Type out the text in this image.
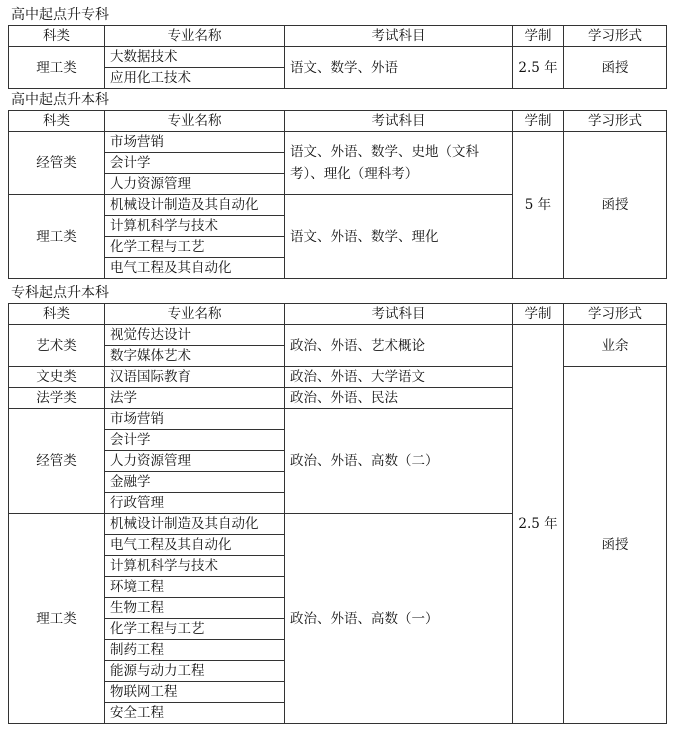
高中起点升专科
科类	专业名称	考试科目	学制	学习形式
理工类	大数据技术	语文、数学、外语	2.5 年	函授
	应用化工技术			
高中起点升本科
科类	专业名称	考试科目	学制	学习形式
经管类	市场营销	语文、外语、数学、史地（文科考）、理化（理科考）	5 年	函授
	会计学			
	人力资源管理			
理工类	机械设计制造及其自动化	语文、外语、数学、理化		
	计算机科学与技术			
	化学工程与工艺			
	电气工程及其自动化			
专科起点升本科
科类	专业名称	考试科目	学制	学习形式
艺术类	视觉传达设计	政治、外语、艺术概论	2.5 年	业余
	数字媒体艺术			
文史类	汉语国际教育	政治、外语、大学语文		函授
法学类	法学	政治、外语、民法		
经管类	市场营销	政治、外语、高数（二）		
	会计学			
	人力资源管理			
	金融学			
	行政管理			
理工类	机械设计制造及其自动化	政治、外语、高数（一）		
	电气工程及其自动化			
	计算机科学与技术			
	环境工程			
	生物工程			
	化学工程与工艺			
	制药工程			
	能源与动力工程			
	物联网工程			
	安全工程			
